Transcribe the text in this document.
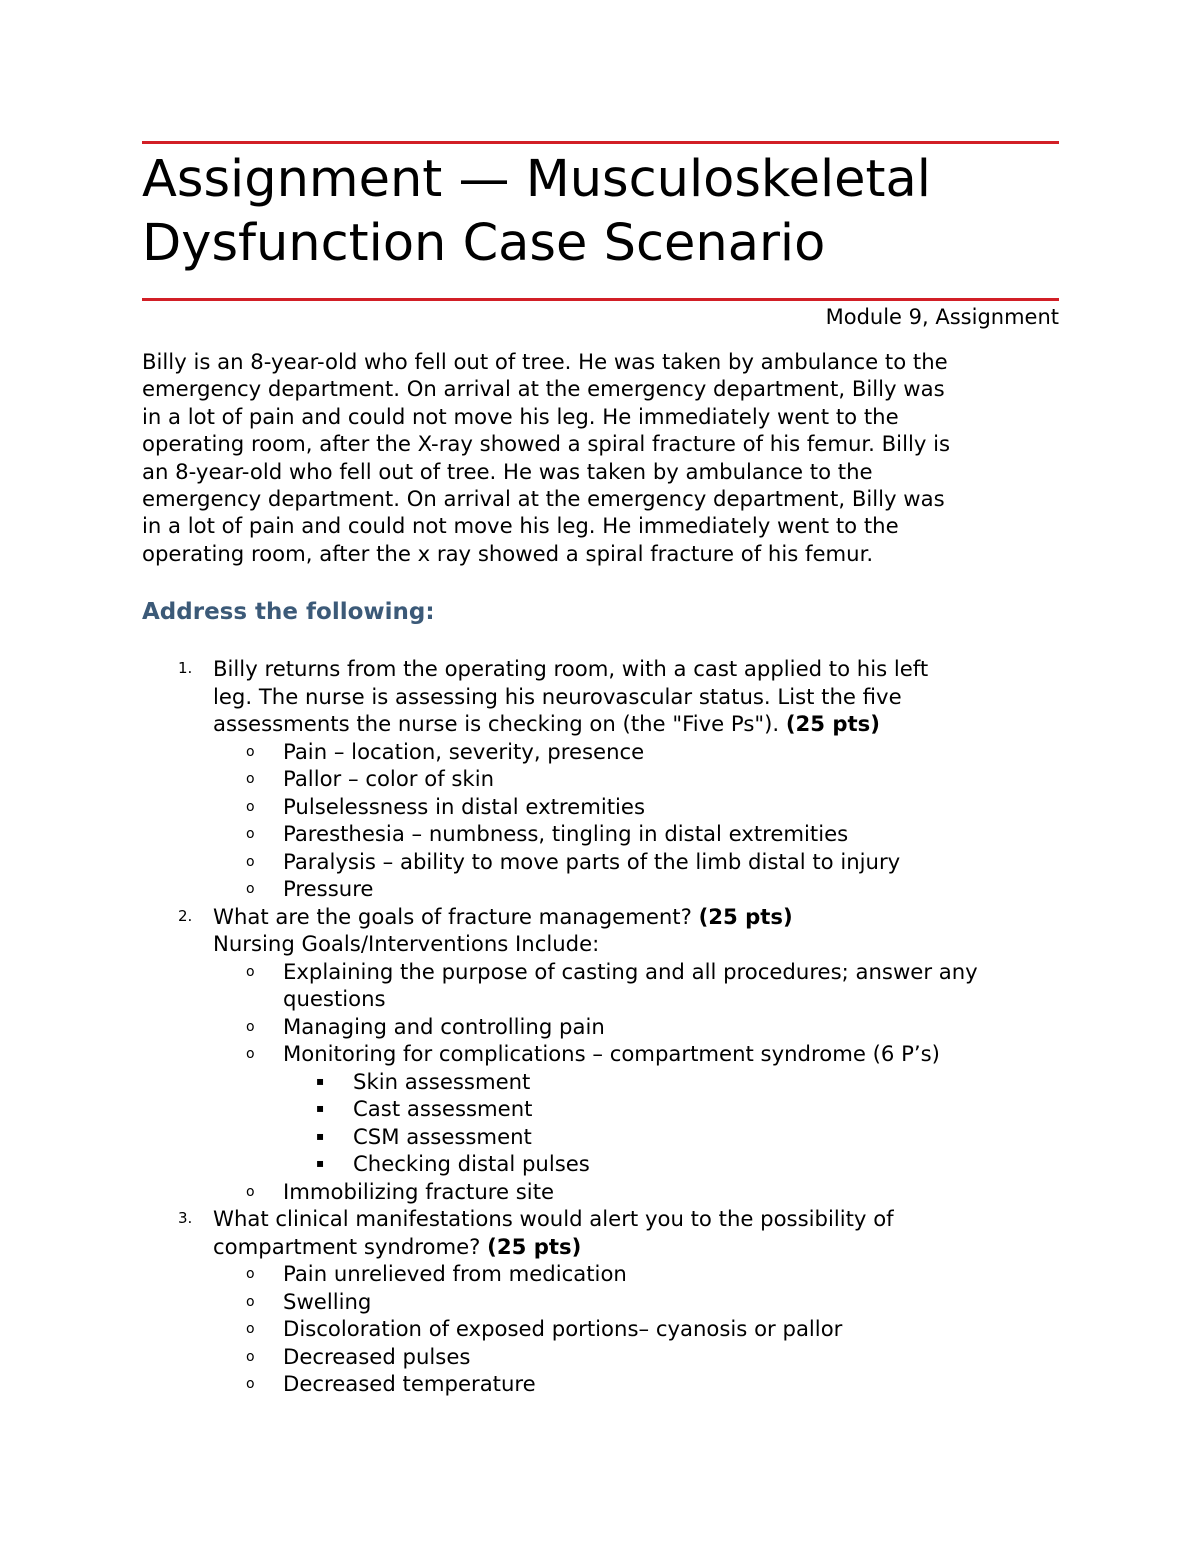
Assignment — Musculoskeletal
Dysfunction Case Scenario
Module 9, Assignment
Billy is an 8-year-old who fell out of tree. He was taken by ambulance to the
emergency department. On arrival at the emergency department, Billy was
in a lot of pain and could not move his leg. He immediately went to the
operating room, after the X-ray showed a spiral fracture of his femur. Billy is
an 8-year-old who fell out of tree. He was taken by ambulance to the
emergency department. On arrival at the emergency department, Billy was
in a lot of pain and could not move his leg. He immediately went to the
operating room, after the x ray showed a spiral fracture of his femur.
Address the following:
1. Billy returns from the operating room, with a cast applied to his left
leg. The nurse is assessing his neurovascular status. List the five
assessments the nurse is checking on (the "Five Ps"). (25 pts)
o Pain – location, severity, presence
o Pallor – color of skin
o Pulselessness in distal extremities
o Paresthesia – numbness, tingling in distal extremities
o Paralysis – ability to move parts of the limb distal to injury
o Pressure
2. What are the goals of fracture management? (25 pts)
Nursing Goals/Interventions Include:
o Explaining the purpose of casting and all procedures; answer any
questions
o Managing and controlling pain
o Monitoring for complications – compartment syndrome (6 P’s)
▪ Skin assessment
▪ Cast assessment
▪ CSM assessment
▪ Checking distal pulses
o Immobilizing fracture site
3. What clinical manifestations would alert you to the possibility of
compartment syndrome? (25 pts)
o Pain unrelieved from medication
o Swelling
o Discoloration of exposed portions– cyanosis or pallor
o Decreased pulses
o Decreased temperature
